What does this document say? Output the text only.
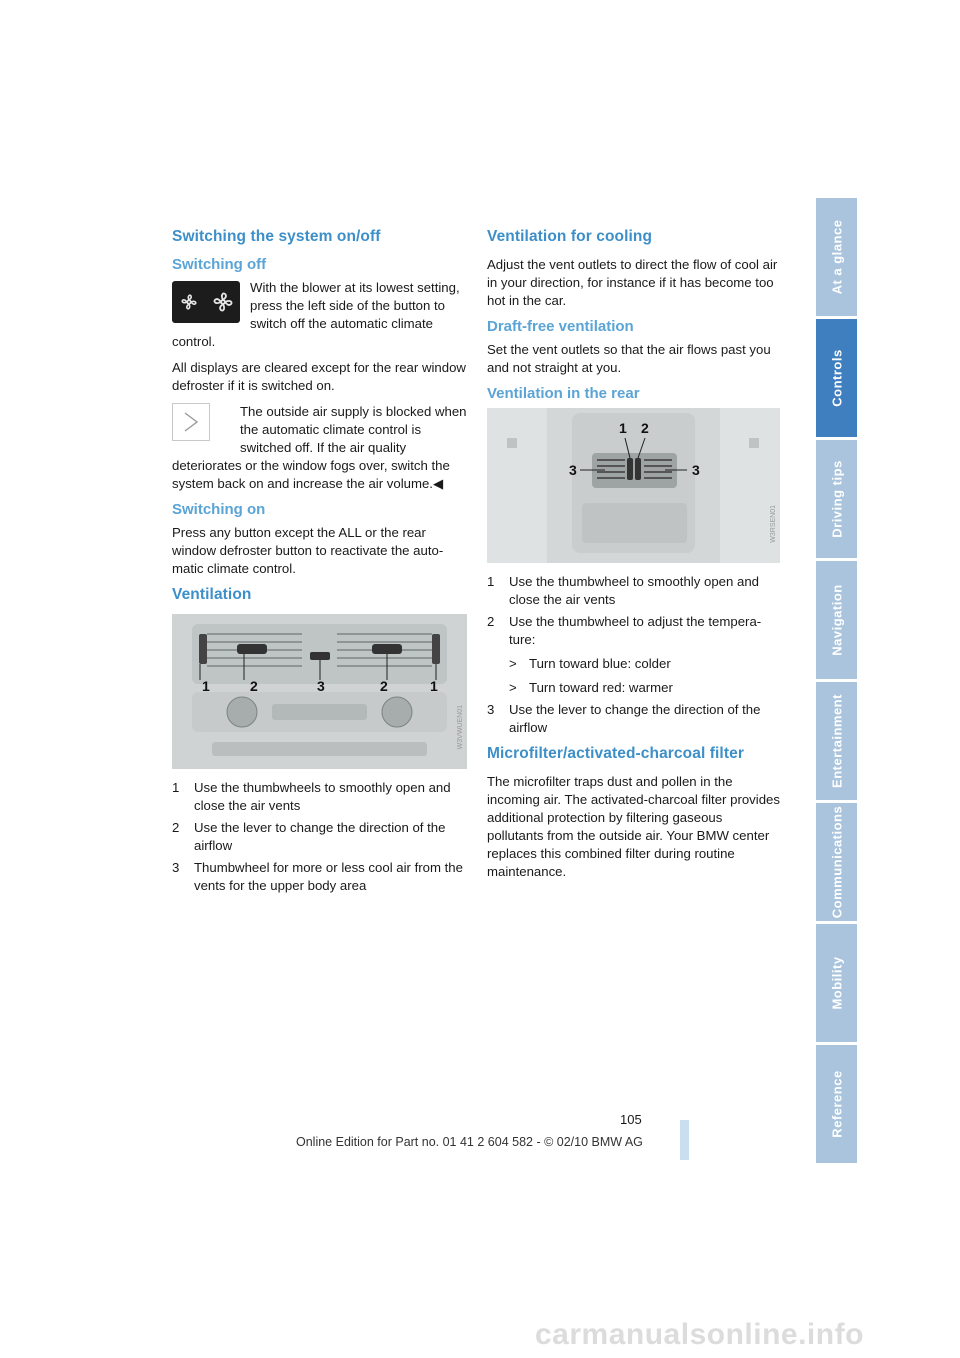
Switching the system on/off
Switching off

With the blower at its lowest setting, press the left side of the button to switch off the automatic climate control.

All displays are cleared except for the rear window defroster if it is switched on.

The outside air supply is blocked when the automatic climate control is switched off. If the air quality deteriorates or the window fogs over, switch the system back on and increase the air volume.◀

Switching on

Press any button except the ALL or the rear window defroster button to reactivate the automatic climate control.

Ventilation
1	2	3	2	1
W3VWUEN01
1	Use the thumbwheels to smoothly open and close the air vents
2	Use the lever to change the direction of the airflow
3	Thumbwheel for more or less cool air from the vents for the upper body area
Ventilation for cooling

Adjust the vent outlets to direct the flow of cool air in your direction, for instance if it has become too hot in the car.

Draft-free ventilation

Set the vent outlets so that the air flows past you and not straight at you.

Ventilation in the rear
1 2
3	3
W3RSEN01
1	Use the thumbwheel to smoothly open and close the air vents
2	Use the thumbwheel to adjust the temperature:
> Turn toward blue: colder
> Turn toward red: warmer
3	Use the lever to change the direction of the airflow
Microfilter/activated-charcoal filter

The microfilter traps dust and pollen in the incoming air. The activated-charcoal filter provides additional protection by filtering gaseous pollutants from the outside air. Your BMW center replaces this combined filter during routine maintenance.

At a glance
Controls
Driving tips
Navigation
Entertainment
Communications
Mobility
Reference
105
Online Edition for Part no. 01 41 2 604 582 - © 02/10 BMW AG
carmanualsonline.info
